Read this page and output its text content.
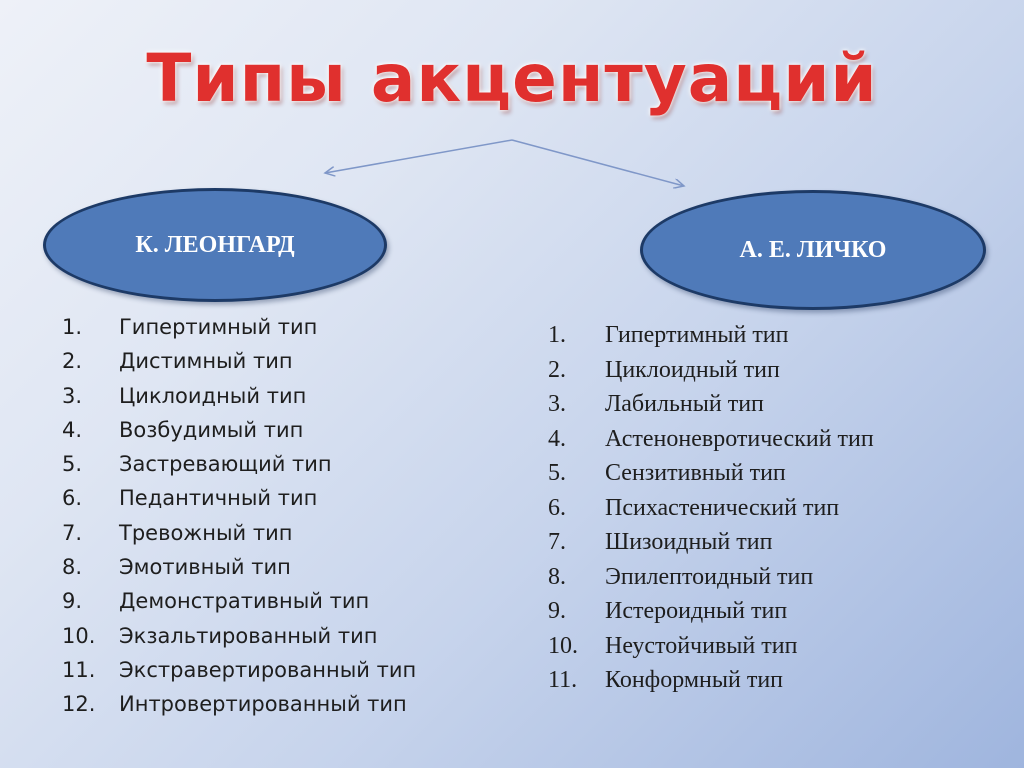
Типы акцентуаций
К. ЛЕОНГАРД	А. Е. ЛИЧКО
1.	Гипертимный тип
2.	Дистимный тип
3.	Циклоидный тип
4.	Возбудимый тип
5.	Застревающий тип
6.	Педантичный тип
7.	Тревожный тип
8.	Эмотивный тип
9.	Демонстративный тип
10.	Экзальтированный тип
11.	Экстравертированный тип
12.	Интровертированный тип
1.	Гипертимный тип
2.	Циклоидный тип
3.	Лабильный тип
4.	Астеноневротический тип
5.	Сензитивный тип
6.	Психастенический тип
7.	Шизоидный тип
8.	Эпилептоидный тип
9.	Истероидный тип
10.	Неустойчивый тип
11.	Конформный тип
